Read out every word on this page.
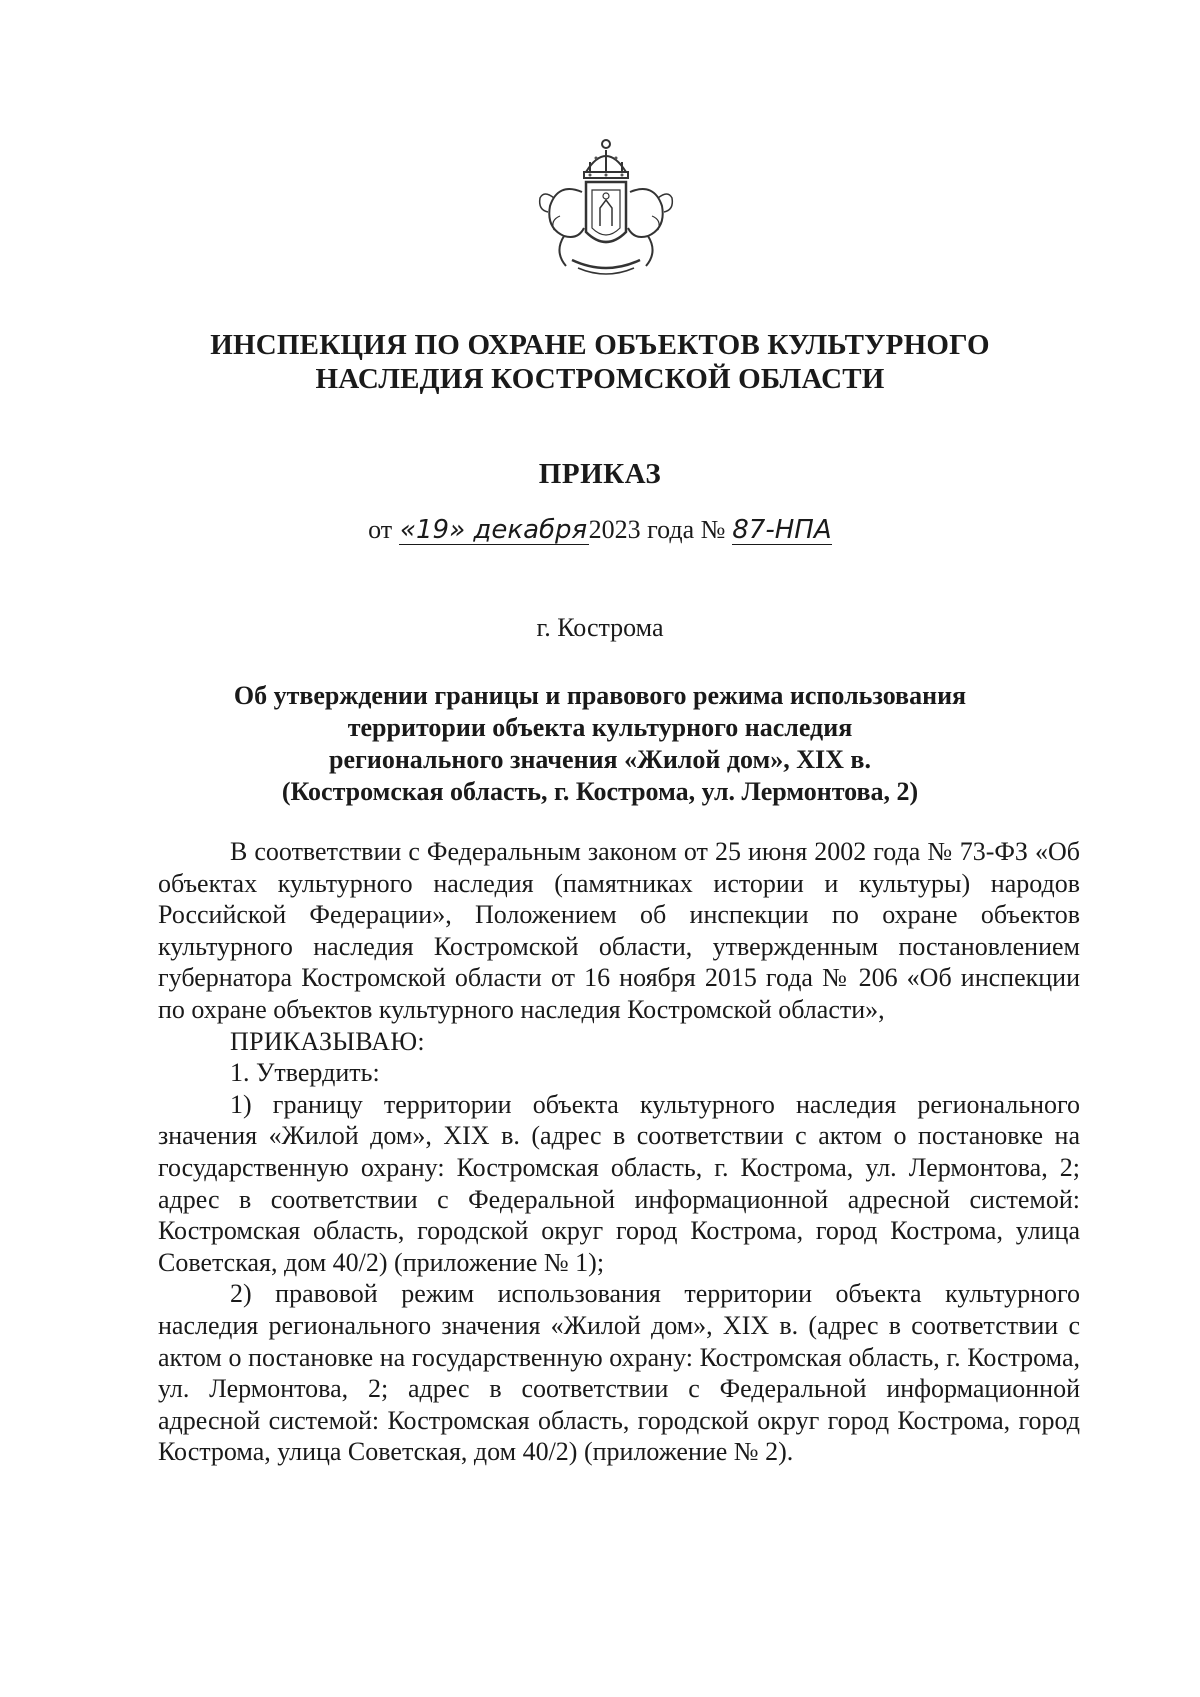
ИНСПЕКЦИЯ ПО ОХРАНЕ ОБЪЕКТОВ КУЛЬТУРНОГО
НАСЛЕДИЯ КОСТРОМСКОЙ ОБЛАСТИ
ПРИКАЗ
от «19» декабря2023 года № 87-НПА
г. Кострома
Об утверждении границы и правового режима использования
территории объекта культурного наследия
регионального значения «Жилой дом», XIX в.
(Костромская область, г. Кострома, ул. Лермонтова, 2)

В соответствии с Федеральным законом от 25 июня 2002 года № 73-ФЗ «Об объектах культурного наследия (памятниках истории и культуры) народов Российской Федерации», Положением об инспекции по охране объектов культурного наследия Костромской области, утвержденным постановлением губернатора Костромской области от 16 ноября 2015 года № 206 «Об инспекции по охране объектов культурного наследия Костромской области»,

ПРИКАЗЫВАЮ:

1. Утвердить:

1) границу территории объекта культурного наследия регионального значения «Жилой дом», XIX в. (адрес в соответствии с актом о постановке на государственную охрану: Костромская область, г. Кострома, ул. Лермонтова, 2; адрес в соответствии с Федеральной информационной адресной системой: Костромская область, городской округ город Кострома, город Кострома, улица Советская, дом 40/2) (приложение № 1);

2) правовой режим использования территории объекта культурного наследия регионального значения «Жилой дом», XIX в. (адрес в соответствии с актом о постановке на государственную охрану: Костромская область, г. Кострома, ул. Лермонтова, 2; адрес в соответствии с Федеральной информационной адресной системой: Костромская область, городской округ город Кострома, город Кострома, улица Советская, дом 40/2) (приложение № 2).
